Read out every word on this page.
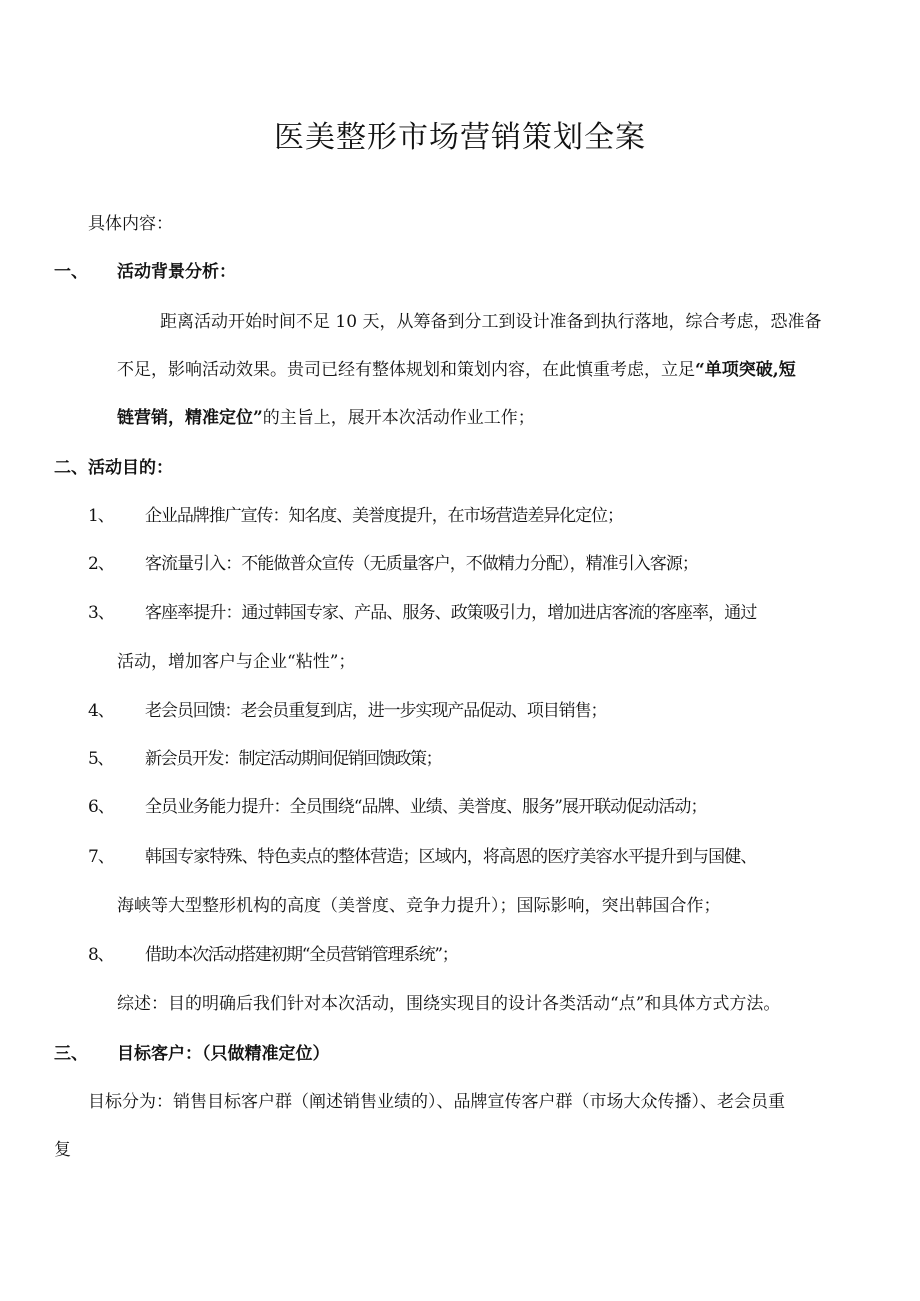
医美整形市场营销策划全案
具体内容：
一、 活动背景分析：
距离活动开始时间不足 10 天，从筹备到分工到设计准备到执行落地，综合考虑，恐准备
不足，影响活动效果。贵司已经有整体规划和策划内容，在此慎重考虑，立足“单项突破,短
链营销，精准定位”的主旨上，展开本次活动作业工作；
二、活动目的：
1、 企业品牌推广宣传：知名度、美誉度提升，在市场营造差异化定位；
2、 客流量引入：不能做普众宣传（无质量客户，不做精力分配），精准引入客源；
3、 客座率提升：通过韩国专家、产品、服务、政策吸引力，增加进店客流的客座率，通过
活动，增加客户与企业“粘性”；
4、 老会员回馈：老会员重复到店，进一步实现产品促动、项目销售；
5、 新会员开发：制定活动期间促销回馈政策；
6、 全员业务能力提升：全员围绕“品牌、业绩、美誉度、服务”展开联动促动活动；
7、 韩国专家特殊、特色卖点的整体营造；区域内，将高恩的医疗美容水平提升到与国健、
海峡等大型整形机构的高度（美誉度、竞争力提升）；国际影响，突出韩国合作；
8、 借助本次活动搭建初期“全员营销管理系统”；
综述：目的明确后我们针对本次活动，围绕实现目的设计各类活动“点”和具体方式方法。
三、 目标客户：（只做精准定位）
目标分为：销售目标客户群（阐述销售业绩的）、品牌宣传客户群（市场大众传播）、老会员重
复
